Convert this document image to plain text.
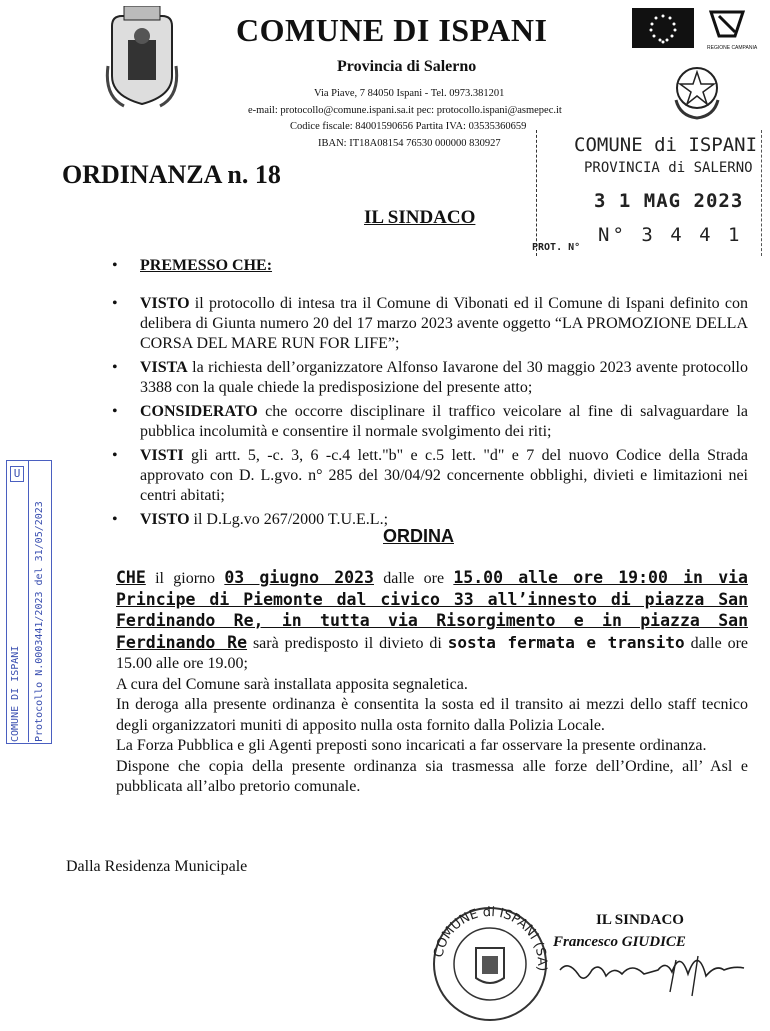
COMUNE DI ISPANI
Provincia di Salerno
Via Piave, 7 84050 Ispani - Tel. 0973.381201
e-mail: protocollo@comune.ispani.sa.it pec: protocollo.ispani@asmepec.it
Codice fiscale: 84001590656 Partita IVA: 03535360659
IBAN: IT18A08154 76530 000000 830927
REGIONE CAMPANIA
COMUNE di ISPANI
PROVINCIA di SALERNO
3 1 MAG 2023
N° 3 4 4 1
PROT. N°
ORDINANZA n. 18
IL SINDACO
• PREMESSO CHE:
• VISTO il protocollo di intesa tra il Comune di Vibonati ed il Comune di Ispani definito con delibera di Giunta numero 20 del 17 marzo 2023 avente oggetto “LA PROMOZIONE DELLA CORSA DEL MARE RUN FOR LIFE”;
• VISTA la richiesta dell’organizzatore Alfonso Iavarone del 30 maggio 2023 avente protocollo 3388 con la quale chiede la predisposizione del presente atto;
• CONSIDERATO che occorre disciplinare il traffico veicolare al fine di salvaguardare la pubblica incolumità e consentire il normale svolgimento dei riti;
• VISTI gli artt. 5, -c. 3, 6 -c.4 lett."b" e c.5 lett. "d" e 7 del nuovo Codice della Strada approvato con D. L.gvo. n° 285 del 30/04/92 concernente obblighi, divieti e limitazioni nei centri abitati;
• VISTO il D.Lg.vo 267/2000 T.U.E.L.;
ORDINA

CHE il giorno 03 giugno 2023 dalle ore 15.00 alle ore 19:00 in via Principe di Piemonte dal civico 33 all’innesto di piazza San Ferdinando Re, in tutta via Risorgimento e in piazza San Ferdinando Re sarà predisposto il divieto di sosta fermata e transito dalle ore 15.00 alle ore 19.00;

A cura del Comune sarà installata apposita segnaletica.

In deroga alla presente ordinanza è consentita la sosta ed il transito ai mezzi dello staff tecnico degli organizzatori muniti di apposito nulla osta fornito dalla Polizia Locale.

La Forza Pubblica e gli Agenti preposti sono incaricati a far osservare la presente ordinanza.

Dispone che copia della presente ordinanza sia trasmessa alle forze dell’Ordine, all’ Asl e pubblicata all’albo pretorio comunale.

Dalla Residenza Municipale
COMUNE di ISPANI (SA)
IL SINDACO
Francesco GIUDICE
U
COMUNE DI ISPANI Protocollo N.0003441/2023 del 31/05/2023
